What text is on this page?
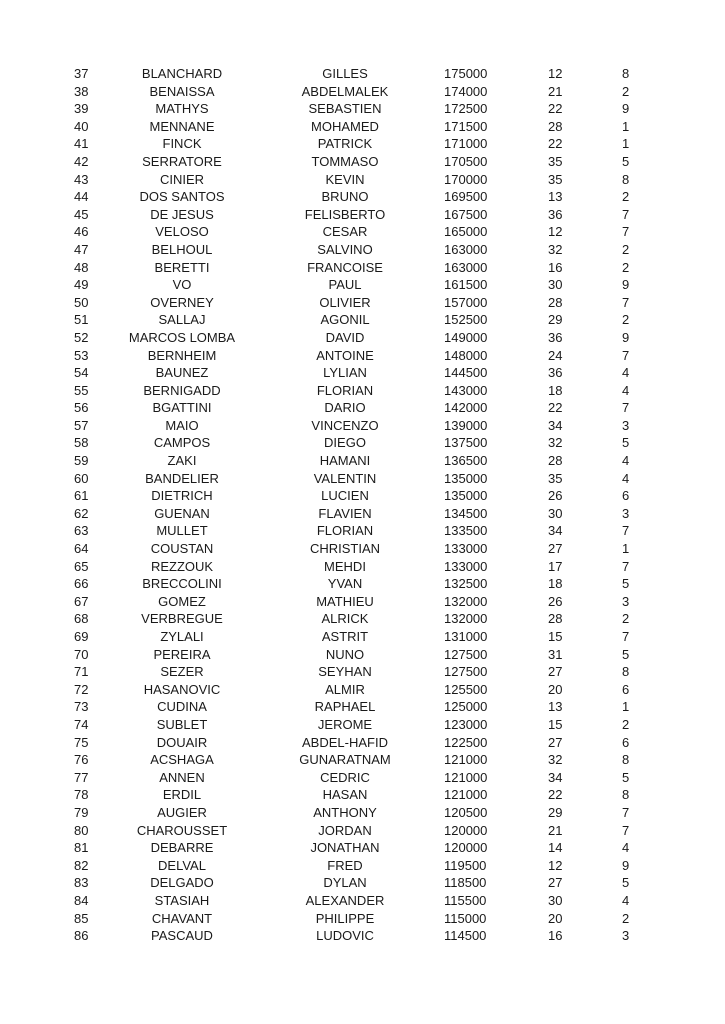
37	BLANCHARD	GILLES	175000	12	8
38	BENAISSA	ABDELMALEK	174000	21	2
39	MATHYS	SEBASTIEN	172500	22	9
40	MENNANE	MOHAMED	171500	28	1
41	FINCK	PATRICK	171000	22	1
42	SERRATORE	TOMMASO	170500	35	5
43	CINIER	KEVIN	170000	35	8
44	DOS SANTOS	BRUNO	169500	13	2
45	DE JESUS	FELISBERTO	167500	36	7
46	VELOSO	CESAR	165000	12	7
47	BELHOUL	SALVINO	163000	32	2
48	BERETTI	FRANCOISE	163000	16	2
49	VO	PAUL	161500	30	9
50	OVERNEY	OLIVIER	157000	28	7
51	SALLAJ	AGONIL	152500	29	2
52	MARCOS LOMBA	DAVID	149000	36	9
53	BERNHEIM	ANTOINE	148000	24	7
54	BAUNEZ	LYLIAN	144500	36	4
55	BERNIGADD	FLORIAN	143000	18	4
56	BGATTINI	DARIO	142000	22	7
57	MAIO	VINCENZO	139000	34	3
58	CAMPOS	DIEGO	137500	32	5
59	ZAKI	HAMANI	136500	28	4
60	BANDELIER	VALENTIN	135000	35	4
61	DIETRICH	LUCIEN	135000	26	6
62	GUENAN	FLAVIEN	134500	30	3
63	MULLET	FLORIAN	133500	34	7
64	COUSTAN	CHRISTIAN	133000	27	1
65	REZZOUK	MEHDI	133000	17	7
66	BRECCOLINI	YVAN	132500	18	5
67	GOMEZ	MATHIEU	132000	26	3
68	VERBREGUE	ALRICK	132000	28	2
69	ZYLALI	ASTRIT	131000	15	7
70	PEREIRA	NUNO	127500	31	5
71	SEZER	SEYHAN	127500	27	8
72	HASANOVIC	ALMIR	125500	20	6
73	CUDINA	RAPHAEL	125000	13	1
74	SUBLET	JEROME	123000	15	2
75	DOUAIR	ABDEL-HAFID	122500	27	6
76	ACSHAGA	GUNARATNAM	121000	32	8
77	ANNEN	CEDRIC	121000	34	5
78	ERDIL	HASAN	121000	22	8
79	AUGIER	ANTHONY	120500	29	7
80	CHAROUSSET	JORDAN	120000	21	7
81	DEBARRE	JONATHAN	120000	14	4
82	DELVAL	FRED	119500	12	9
83	DELGADO	DYLAN	118500	27	5
84	STASIAH	ALEXANDER	115500	30	4
85	CHAVANT	PHILIPPE	115000	20	2
86	PASCAUD	LUDOVIC	114500	16	3
